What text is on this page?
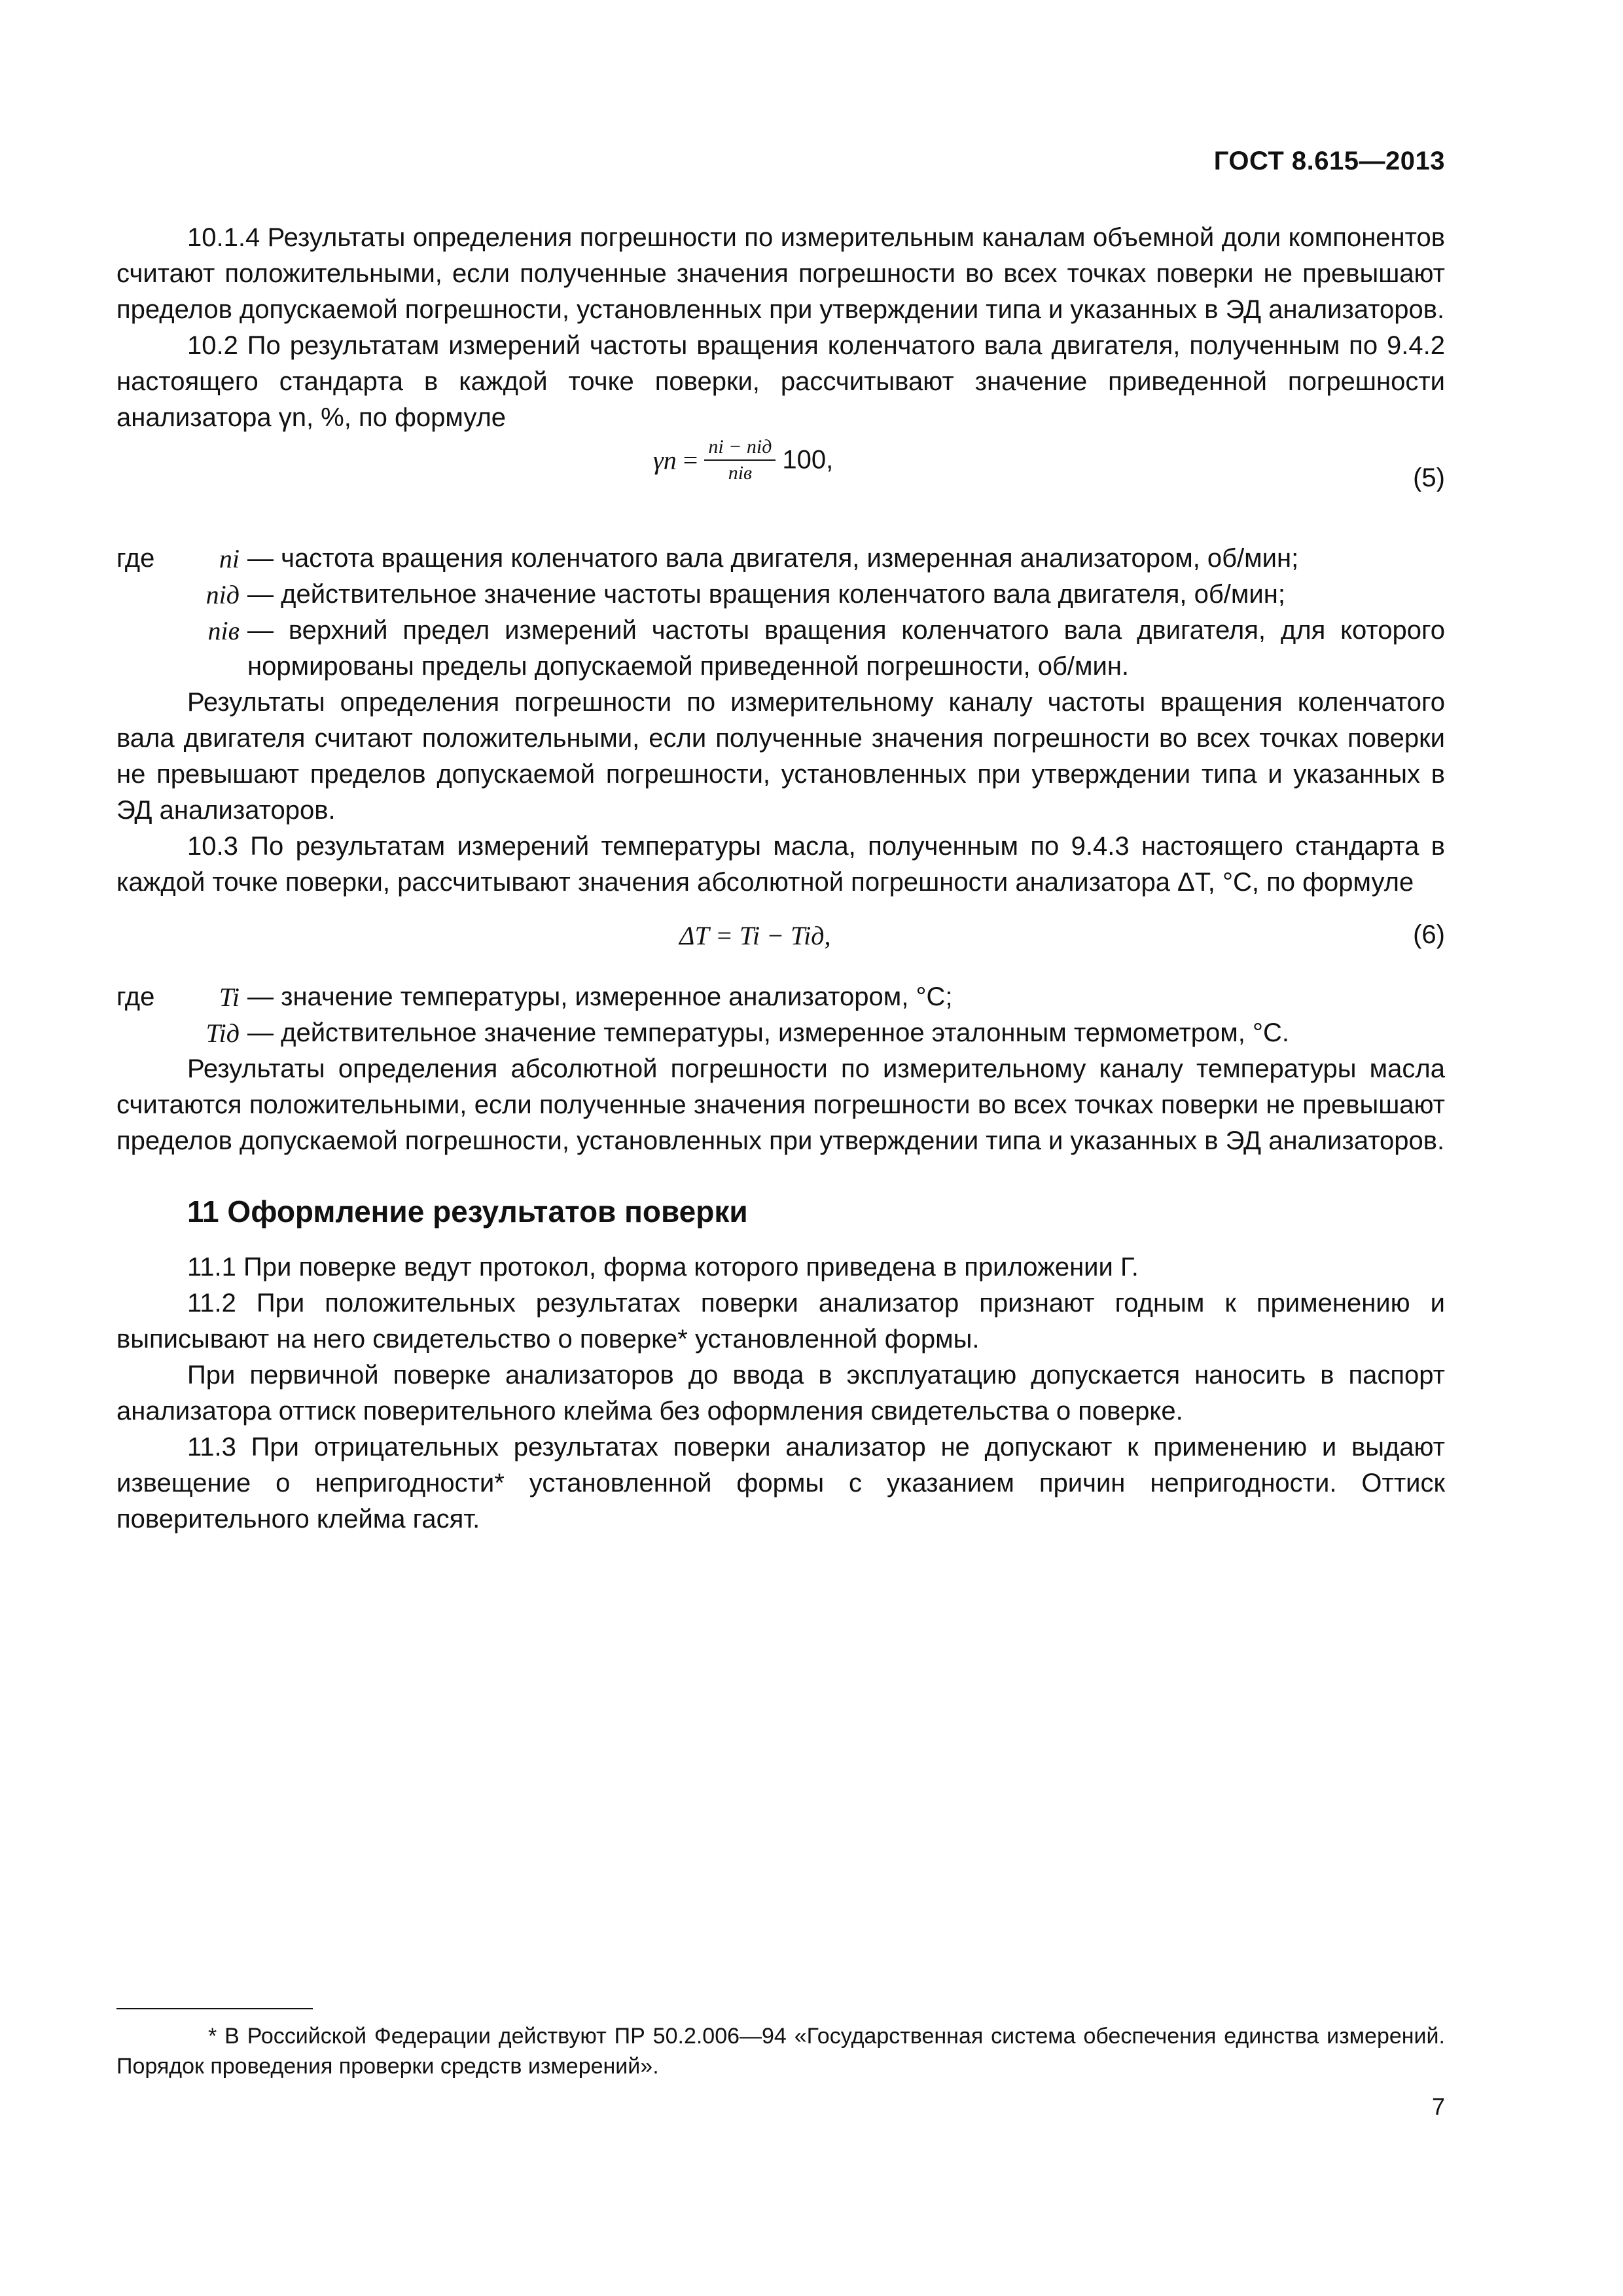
ГОСТ 8.615—2013

10.1.4 Результаты определения погрешности по измерительным каналам объемной доли компонентов считают положительными, если полученные значения погрешности во всех точках поверки не превышают пределов допускаемой погрешности, установленных при утверждении типа и указанных в ЭД анализаторов.

10.2 По результатам измерений частоты вращения коленчатого вала двигателя, полученным по 9.4.2 настоящего стандарта в каждой точке поверки, рассчитывают значение приведенной погрешности анализатора γn, %, по формуле

$\gamma n = \frac{\text{ni − niд}}{\text{niв}} 100$,
(5)
где ni — частота вращения коленчатого вала двигателя, измеренная анализатором, об/мин;
niд — действительное значение частоты вращения коленчатого вала двигателя, об/мин;
niв — верхний предел измерений частоты вращения коленчатого вала двигателя, для которого нормированы пределы допускаемой приведенной погрешности, об/мин.

Результаты определения погрешности по измерительному каналу частоты вращения коленчатого вала двигателя считают положительными, если полученные значения погрешности во всех точках поверки не превышают пределов допускаемой погрешности, установленных при утверждении типа и указанных в ЭД анализаторов.

10.3 По результатам измерений температуры масла, полученным по 9.4.3 настоящего стандарта в каждой точке поверки, рассчитывают значения абсолютной погрешности анализатора ΔT, °С, по формуле

ΔT = Ti − Tiд,	(6)
где Ti — значение температуры, измеренное анализатором, °С;
Tiд — действительное значение температуры, измеренное эталонным термометром, °С.

Результаты определения абсолютной погрешности по измерительному каналу температуры масла считаются положительными, если полученные значения погрешности во всех точках поверки не превышают пределов допускаемой погрешности, установленных при утверждении типа и указанных в ЭД анализаторов.

11 Оформление результатов поверки

11.1 При поверке ведут протокол, форма которого приведена в приложении Г.

11.2 При положительных результатах поверки анализатор признают годным к применению и выписывают на него свидетельство о поверке* установленной формы.

При первичной поверке анализаторов до ввода в эксплуатацию допускается наносить в паспорт анализатора оттиск поверительного клейма без оформления свидетельства о поверке.

11.3 При отрицательных результатах поверки анализатор не допускают к применению и выдают извещение о непригодности* установленной формы с указанием причин непригодности. Оттиск поверительного клейма гасят.

* В Российской Федерации действуют ПР 50.2.006—94 «Государственная система обеспечения единства измерений. Порядок проведения проверки средств измерений».
7
